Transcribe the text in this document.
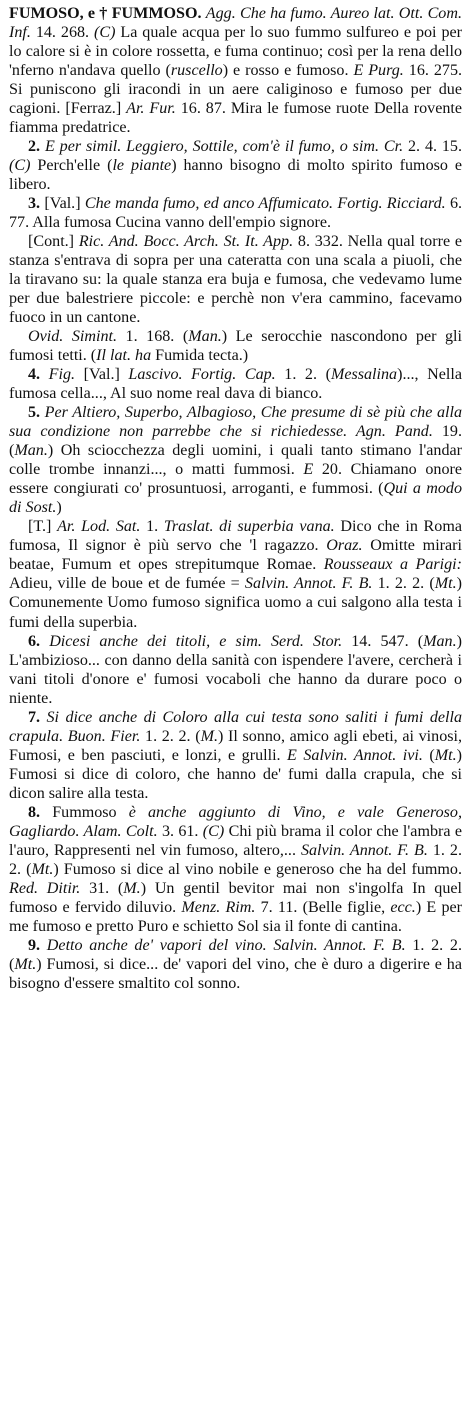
FUMOSO, e † FUMMOSO. Agg. Che ha fumo. Aureo lat. Ott. Com. Inf. 14. 268. (C) La quale acqua per lo suo fummo sulfureo e poi per lo calore si è in colore rossetta, e fuma continuo; così per la rena dello 'nferno n'andava quello (ruscello) e rosso e fumoso. E Purg. 16. 275. Si puniscono gli iracondi in un aere caliginoso e fumoso per due cagioni. [Ferraz.] Ar. Fur. 16. 87. Mira le fumose ruote Della rovente fiamma predatrice.

2. E per simil. Leggiero, Sottile, com'è il fumo, o sim. Cr. 2. 4. 15. (C) Perch'elle (le piante) hanno bisogno di molto spirito fumoso e libero.

3. [Val.] Che manda fumo, ed anco Affumicato. Fortig. Ricciard. 6. 77. Alla fumosa Cucina vanno dell'empio signore.

[Cont.] Ric. And. Bocc. Arch. St. It. App. 8. 332. Nella qual torre e stanza s'entrava di sopra per una cateratta con una scala a piuoli, che la tiravano su: la quale stanza era buja e fumosa, che vedevamo lume per due balestriere piccole: e perchè non v'era cammino, facevamo fuoco in un cantone.

Ovid. Simint. 1. 168. (Man.) Le serocchie nascondono per gli fumosi tetti. (Il lat. ha Fumida tecta.)

4. Fig. [Val.] Lascivo. Fortig. Cap. 1. 2. (Messalina)..., Nella fumosa cella..., Al suo nome real dava di bianco.

5. Per Altiero, Superbo, Albagioso, Che presume di sè più che alla sua condizione non parrebbe che si richiedesse. Agn. Pand. 19. (Man.) Oh sciocchezza degli uomini, i quali tanto stimano l'andar colle trombe innanzi..., o matti fummosi. E 20. Chiamano onore essere congiurati co' prosuntuosi, arroganti, e fummosi. (Qui a modo di Sost.)

[T.] Ar. Lod. Sat. 1. Traslat. di superbia vana. Dico che in Roma fumosa, Il signor è più servo che 'l ragazzo. Oraz. Omitte mirari beatae, Fumum et opes strepitumque Romae. Rousseaux a Parigi: Adieu, ville de boue et de fumée = Salvin. Annot. F. B. 1. 2. 2. (Mt.) Comunemente Uomo fumoso significa uomo a cui salgono alla testa i fumi della superbia.

6. Dicesi anche dei titoli, e sim. Serd. Stor. 14. 547. (Man.) L'ambizioso... con danno della sanità con ispendere l'avere, cercherà i vani titoli d'onore e' fumosi vocaboli che hanno da durare poco o niente.

7. Si dice anche di Coloro alla cui testa sono saliti i fumi della crapula. Buon. Fier. 1. 2. 2. (M.) Il sonno, amico agli ebeti, ai vinosi, Fumosi, e ben pasciuti, e lonzi, e grulli. E Salvin. Annot. ivi. (Mt.) Fumosi si dice di coloro, che hanno de' fumi dalla crapula, che si dicon salire alla testa.

8. Fummoso è anche aggiunto di Vino, e vale Generoso, Gagliardo. Alam. Colt. 3. 61. (C) Chi più brama il color che l'ambra e l'auro, Rappresenti nel vin fumoso, altero,... Salvin. Annot. F. B. 1. 2. 2. (Mt.) Fumoso si dice al vino nobile e generoso che ha del fummo. Red. Ditir. 31. (M.) Un gentil bevitor mai non s'ingolfa In quel fumoso e fervido diluvio. Menz. Rim. 7. 11. (Belle figlie, ecc.) E per me fumoso e pretto Puro e schietto Sol sia il fonte di cantina.

9. Detto anche de' vapori del vino. Salvin. Annot. F. B. 1. 2. 2. (Mt.) Fumosi, si dice... de' vapori del vino, che è duro a digerire e ha bisogno d'essere smaltito col sonno.
